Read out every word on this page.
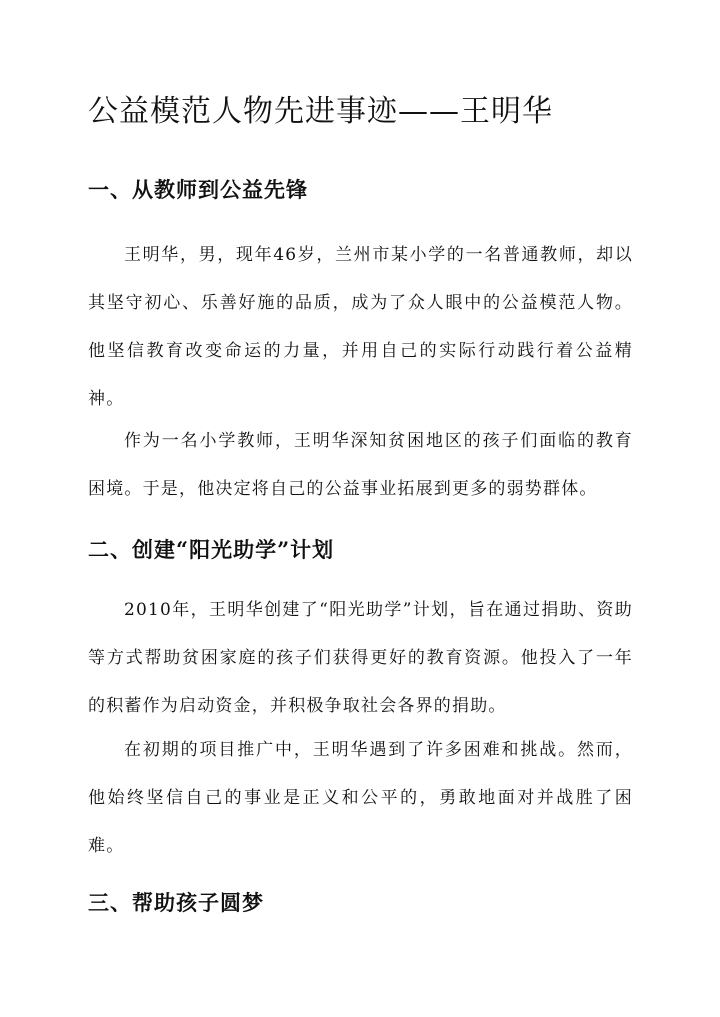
公益模范人物先进事迹——王明华
一、从教师到公益先锋

王明华，男，现年46岁，兰州市某小学的一名普通教师，却以其坚守初心、乐善好施的品质，成为了众人眼中的公益模范人物。他坚信教育改变命运的力量，并用自己的实际行动践行着公益精神。

作为一名小学教师，王明华深知贫困地区的孩子们面临的教育困境。于是，他决定将自己的公益事业拓展到更多的弱势群体。

二、创建“阳光助学”计划

2010年，王明华创建了“阳光助学”计划，旨在通过捐助、资助等方式帮助贫困家庭的孩子们获得更好的教育资源。他投入了一年的积蓄作为启动资金，并积极争取社会各界的捐助。

在初期的项目推广中，王明华遇到了许多困难和挑战。然而，他始终坚信自己的事业是正义和公平的，勇敢地面对并战胜了困难。

三、帮助孩子圆梦
